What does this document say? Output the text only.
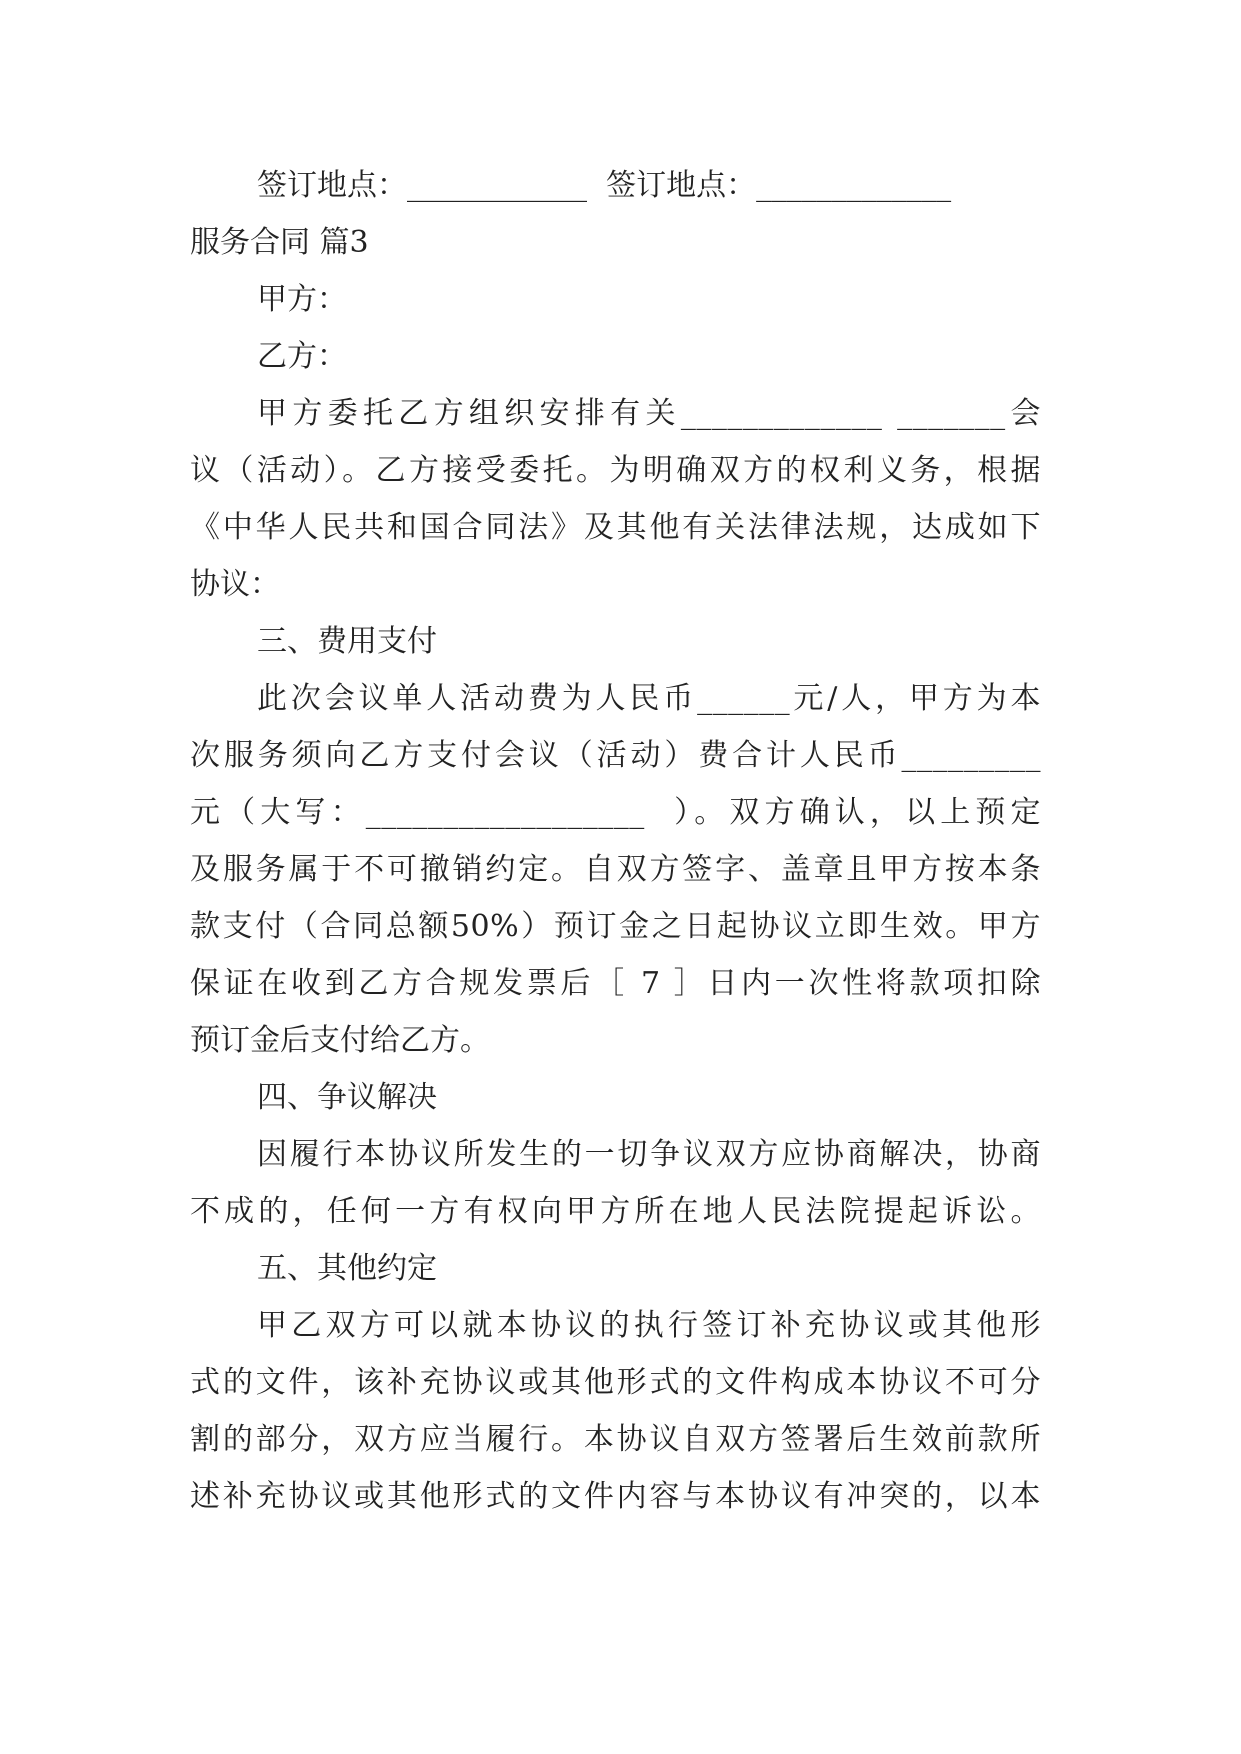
签订地点：____________  签订地点：_____________

服务合同 篇3

甲方：

乙方：

甲方委托乙方组织安排有关_____________ _______会

议（活动）。乙方接受委托。为明确双方的权利义务，根据

《中华人民共和国合同法》及其他有关法律法规，达成如下

协议：

三、费用支付

此次会议单人活动费为人民币______元/人，甲方为本

次服务须向乙方支付会议（活动）费合计人民币_________

元（大写：__________________  ）。双方确认，以上预定

及服务属于不可撤销约定。自双方签字、盖章且甲方按本条

款支付（合同总额50%）预订金之日起协议立即生效。甲方

保证在收到乙方合规发票后［ 7 ］日内一次性将款项扣除

预订金后支付给乙方。

四、争议解决

因履行本协议所发生的一切争议双方应协商解决，协商

不成的，任何一方有权向甲方所在地人民法院提起诉讼。

五、其他约定

甲乙双方可以就本协议的执行签订补充协议或其他形

式的文件，该补充协议或其他形式的文件构成本协议不可分

割的部分，双方应当履行。本协议自双方签署后生效前款所

述补充协议或其他形式的文件内容与本协议有冲突的，以本
